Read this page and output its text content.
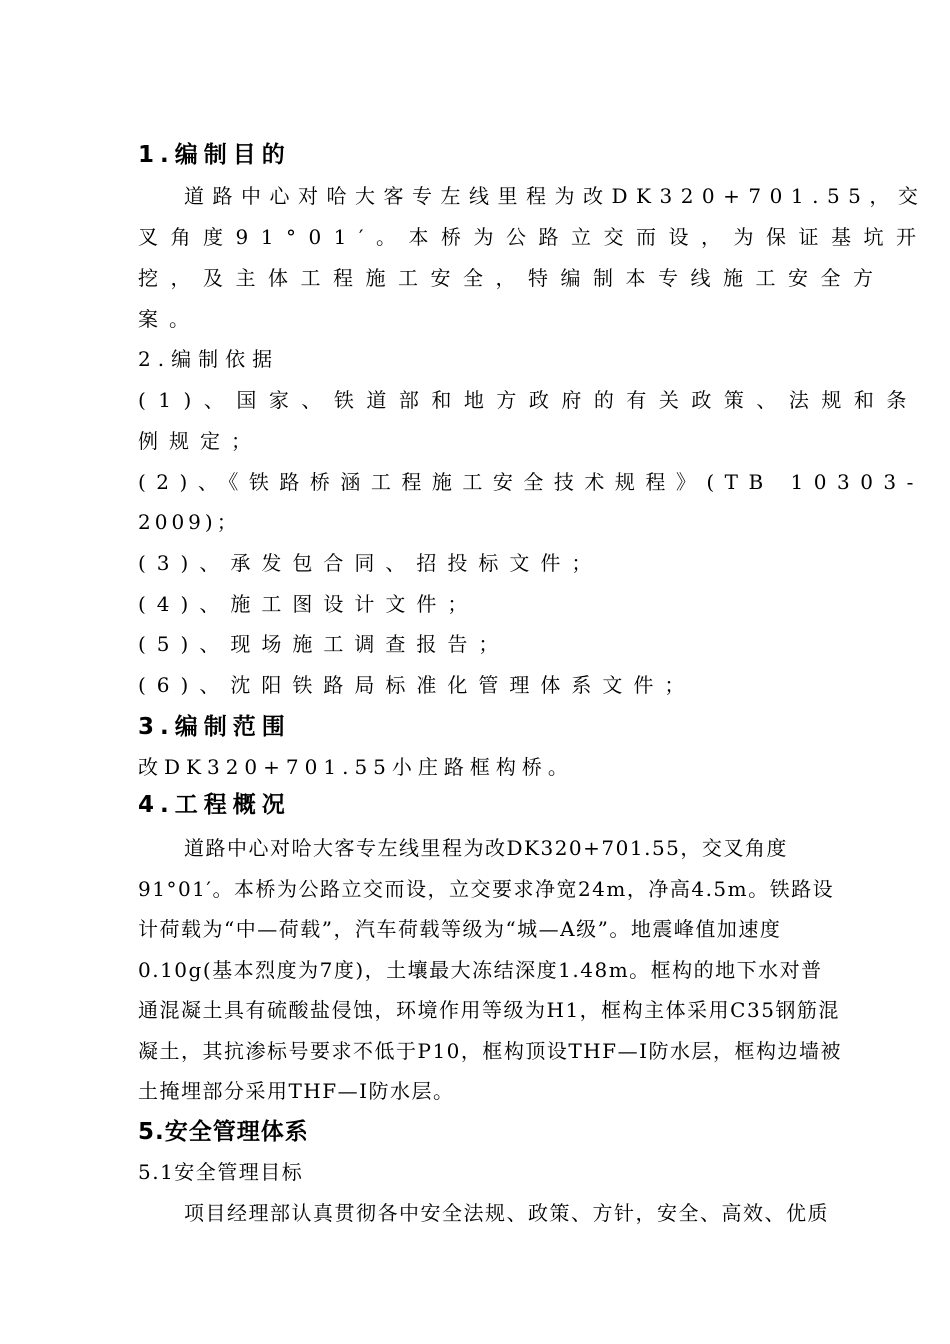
1.编制目的
道路中心对哈大客专左线里程为改DK320+701.55，交
叉角度91°01′。本桥为公路立交而设，为保证基坑开
挖，及主体工程施工安全，特编制本专线施工安全方
案。
2.编制依据
(1)、国家、铁道部和地方政府的有关政策、法规和条
例规定；
(2)、《铁路桥涵工程施工安全技术规程》(TB 10303-
2009)；
(3)、承发包合同、招投标文件；
(4)、施工图设计文件；
(5)、现场施工调查报告；
(6)、沈阳铁路局标准化管理体系文件；
3.编制范围
改DK320+701.55小庄路框构桥。
4.工程概况
道路中心对哈大客专左线里程为改DK320+701.55，交叉角度
91°01′。本桥为公路立交而设，立交要求净宽24m，净高4.5m。铁路设
计荷载为“中—荷载”，汽车荷载等级为“城—A级”。地震峰值加速度
0.10g(基本烈度为7度)，土壤最大冻结深度1.48m。框构的地下水对普
通混凝土具有硫酸盐侵蚀，环境作用等级为H1，框构主体采用C35钢筋混
凝土，其抗渗标号要求不低于P10，框构顶设THF—I防水层，框构边墙被
土掩埋部分采用THF—I防水层。
5.安全管理体系
5.1安全管理目标
项目经理部认真贯彻各中安全法规、政策、方针，安全、高效、优质
